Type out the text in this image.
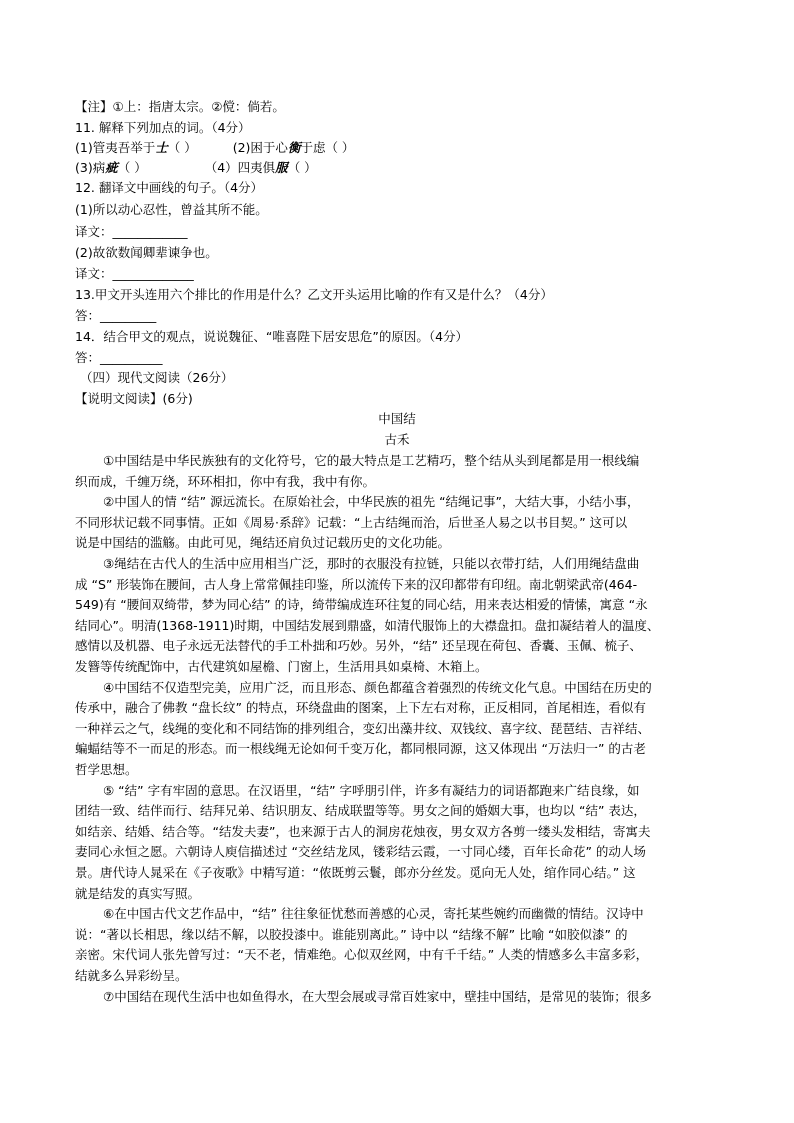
【注】①上：指唐太宗。②傥：倘若。
11. 解释下列加点的词。（4分）
(1)管夷吾举于士（ ）	(2)困于心衡于虑（ ）
(3)病疵（ ）	（4）四夷俱服（ ）
12. 翻译文中画线的句子。（4分）
(1)所以动心忍性，曾益其所不能。
译文：____________
(2)故欲数闻卿辈谏争也。
译文：_____________
13.甲文开头连用六个排比的作用是什么？乙文开头运用比喻的作有又是什么？（4分）
答：_________
14．结合甲文的观点，说说魏征、“唯喜陛下居安思危”的原因。（4分）
答：__________
（四）现代文阅读（26分）
【说明文阅读】(6分)
中国结
古禾
①中国结是中华民族独有的文化符号，它的最大特点是工艺精巧，整个结从头到尾都是用一根线编
织而成，千缠万绕，环环相扣，你中有我，我中有你。
②中国人的情 “结” 源远流长。在原始社会，中华民族的祖先 “结绳记事”，大结大事，小结小事，
不同形状记载不同事情。正如《周易·系辞》记载：“上古结绳而治，后世圣人易之以书目契。” 这可以
说是中国结的滥觞。由此可见，绳结还肩负过记载历史的文化功能。
③绳结在古代人的生活中应用相当广泛，那时的衣服没有拉链，只能以衣带打结，人们用绳结盘曲
成 “S” 形装饰在腰间，古人身上常常佩挂印鉴，所以流传下来的汉印都带有印纽。南北朝梁武帝(464-
549)有 “腰间双绮带，梦为同心结” 的诗，绮带编成连环往复的同心结，用来表达相爱的情愫，寓意 “永
结同心”。明清(1368-1911)时期，中国结发展到鼎盛，如清代服饰上的大襟盘扣。盘扣凝结着人的温度、
感情以及机器、电子永远无法替代的手工朴拙和巧妙。另外，“结” 还呈现在荷包、香囊、玉佩、梳子、
发簪等传统配饰中，古代建筑如屋檐、门窗上，生活用具如桌椅、木箱上。
④中国结不仅造型完美，应用广泛，而且形态、颜色都蕴含着强烈的传统文化气息。中国结在历史的
传承中，融合了佛教 “盘长纹” 的特点，环绕盘曲的图案，上下左右对称，正反相同，首尾相连，看似有
一种祥云之气，线绳的变化和不同结饰的排列组合，变幻出藻井纹、双钱纹、喜字纹、琵琶结、吉祥结、
蝙蝠结等不一而足的形态。而一根线绳无论如何千变万化，都同根同源，这又体现出 “万法归一” 的古老
哲学思想。
⑤ “结” 字有牢固的意思。在汉语里，“结” 字呼朋引伴，许多有凝结力的词语都跑来广结良缘，如
团结一致、结伴而行、结拜兄弟、结识朋友、结成联盟等等。男女之间的婚姻大事，也均以 “结” 表达，
如结亲、结婚、结合等。“结发夫妻”，也来源于古人的洞房花烛夜，男女双方各剪一缕头发相结，寄寓夫
妻同心永恒之愿。六朝诗人庾信描述过 “交丝结龙凤，镂彩结云霞，一寸同心缕，百年长命花” 的动人场
景。唐代诗人晁采在《子夜歌》中精写道：“侬既剪云鬟，郎亦分丝发。觅向无人处，绾作同心结。” 这
就是结发的真实写照。
⑥在中国古代文艺作品中，“结” 往往象征忧愁而善感的心灵，寄托某些婉约而幽微的情结。汉诗中
说：“著以长相思，缘以结不解，以胶投漆中。谁能别离此。” 诗中以 “结缘不解” 比喻 “如胶似漆” 的
亲密。宋代词人张先曾写过：“天不老，情难绝。心似双丝网，中有千千结。” 人类的情感多么丰富多彩，
结就多么异彩纷呈。
⑦中国结在现代生活中也如鱼得水，在大型会展或寻常百姓家中，壁挂中国结，是常见的装饰；很多
